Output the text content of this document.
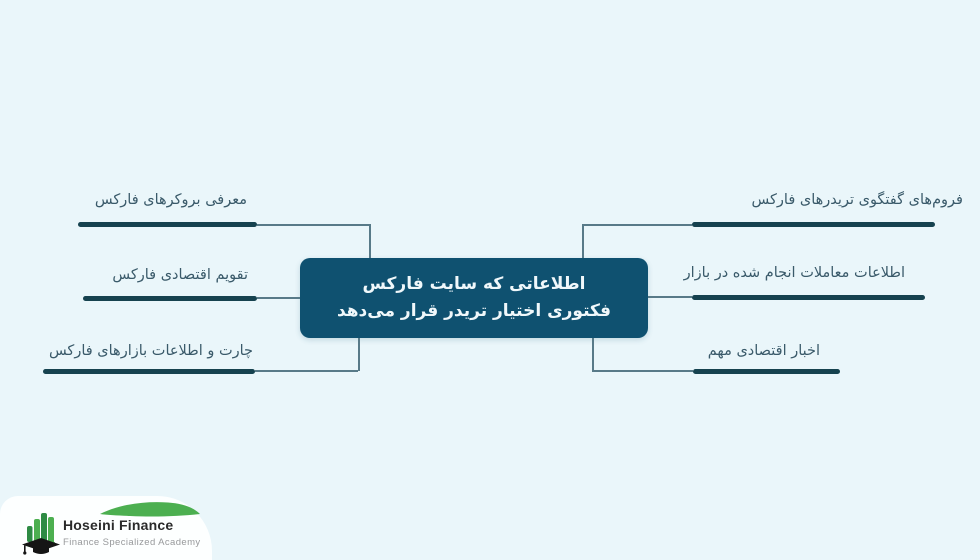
اطلاعاتی که سایت فارکس
فکتوری اختیار تریدر قرار می‌دهد
معرفی بروکرهای فارکس
تقویم اقتصادی فارکس
چارت و اطلاعات بازارهای فارکس
فروم‌های گفتگوی تریدرهای فارکس
اطلاعات معاملات انجام شده در بازار
اخبار اقتصادی مهم
Hoseini Finance
Finance Specialized Academy
